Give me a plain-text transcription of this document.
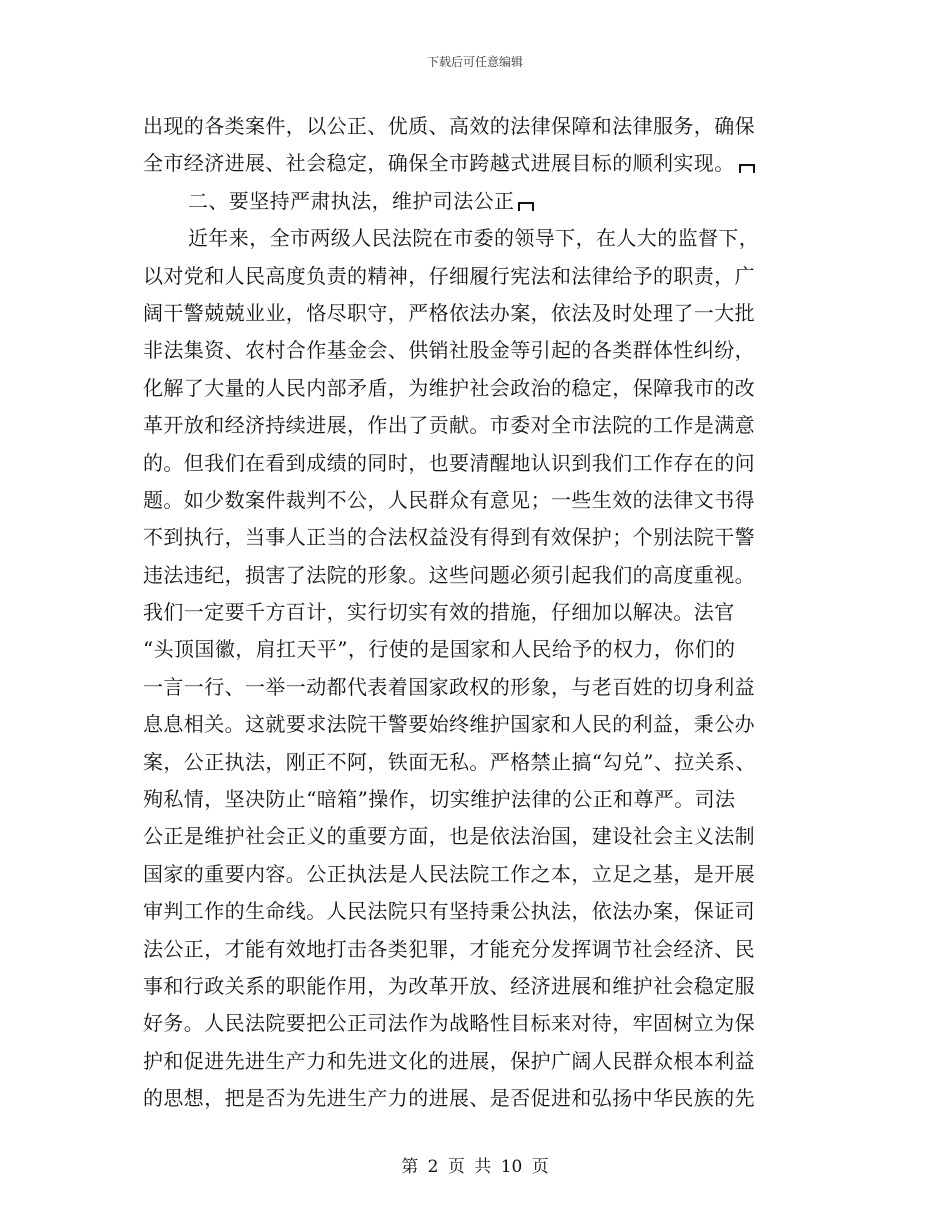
下载后可任意编辑
出现的各类案件，以公正、优质、高效的法律保障和法律服务，确保
全市经济进展、社会稳定，确保全市跨越式进展目标的顺利实现。
二、要坚持严肃执法，维护司法公正
近年来，全市两级人民法院在市委的领导下，在人大的监督下，
以对党和人民高度负责的精神，仔细履行宪法和法律给予的职责，广
阔干警兢兢业业，恪尽职守，严格依法办案，依法及时处理了一大批
非法集资、农村合作基金会、供销社股金等引起的各类群体性纠纷，
化解了大量的人民内部矛盾，为维护社会政治的稳定，保障我市的改
革开放和经济持续进展，作出了贡献。市委对全市法院的工作是满意
的。但我们在看到成绩的同时，也要清醒地认识到我们工作存在的问
题。如少数案件裁判不公，人民群众有意见；一些生效的法律文书得
不到执行，当事人正当的合法权益没有得到有效保护；个别法院干警
违法违纪，损害了法院的形象。这些问题必须引起我们的高度重视。
我们一定要千方百计，实行切实有效的措施，仔细加以解决。法官
“头顶国徽，肩扛天平”，行使的是国家和人民给予的权力，你们的
一言一行、一举一动都代表着国家政权的形象，与老百姓的切身利益
息息相关。这就要求法院干警要始终维护国家和人民的利益，秉公办
案，公正执法，刚正不阿，铁面无私。严格禁止搞“勾兑”、拉关系、
殉私情，坚决防止“暗箱”操作，切实维护法律的公正和尊严。司法
公正是维护社会正义的重要方面，也是依法治国，建设社会主义法制
国家的重要内容。公正执法是人民法院工作之本，立足之基，是开展
审判工作的生命线。人民法院只有坚持秉公执法，依法办案，保证司
法公正，才能有效地打击各类犯罪，才能充分发挥调节社会经济、民
事和行政关系的职能作用，为改革开放、经济进展和维护社会稳定服
好务。人民法院要把公正司法作为战略性目标来对待，牢固树立为保
护和促进先进生产力和先进文化的进展，保护广阔人民群众根本利益
的思想，把是否为先进生产力的进展、是否促进和弘扬中华民族的先
第 2 页 共 10 页
